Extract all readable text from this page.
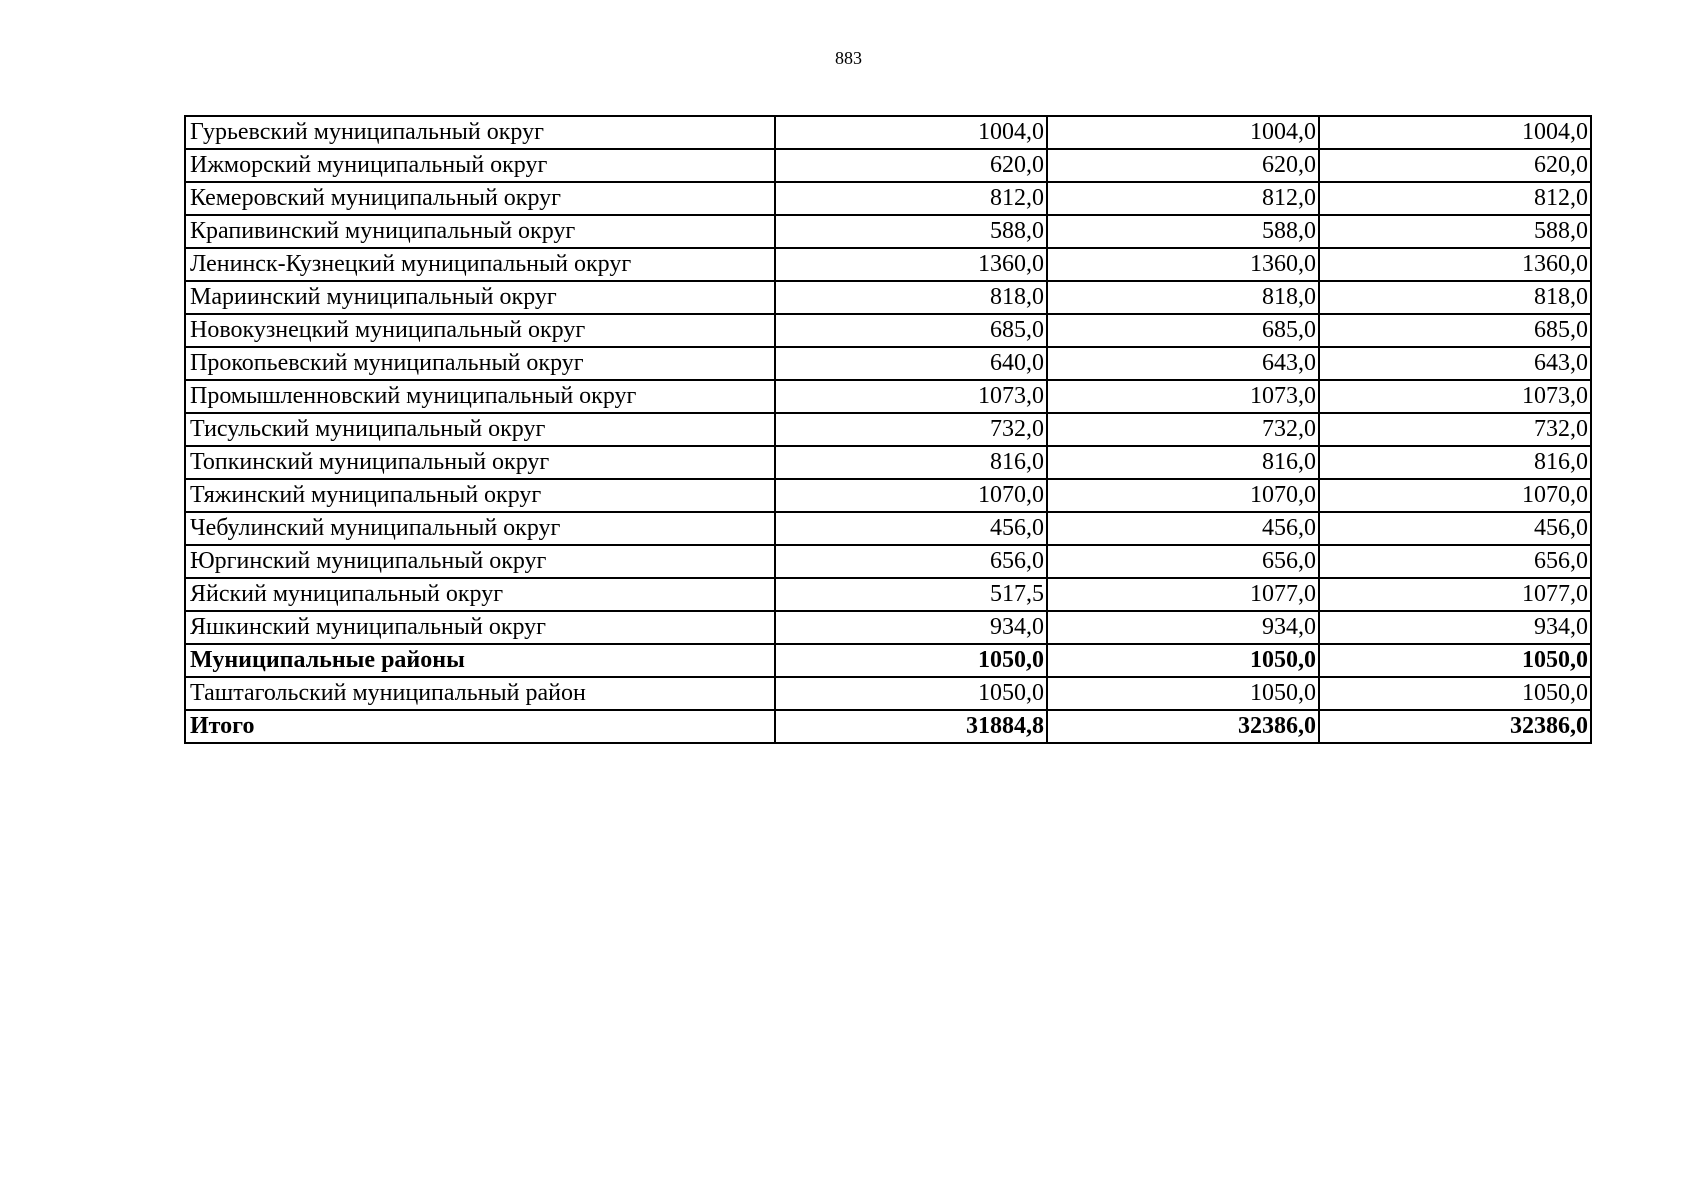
883
Гурьевский муниципальный округ	1004,0	1004,0	1004,0
Ижморский муниципальный округ	620,0	620,0	620,0
Кемеровский муниципальный округ	812,0	812,0	812,0
Крапивинский муниципальный округ	588,0	588,0	588,0
Ленинск-Кузнецкий муниципальный округ	1360,0	1360,0	1360,0
Мариинский муниципальный округ	818,0	818,0	818,0
Новокузнецкий муниципальный округ	685,0	685,0	685,0
Прокопьевский муниципальный округ	640,0	643,0	643,0
Промышленновский муниципальный округ	1073,0	1073,0	1073,0
Тисульский муниципальный округ	732,0	732,0	732,0
Топкинский муниципальный округ	816,0	816,0	816,0
Тяжинский муниципальный округ	1070,0	1070,0	1070,0
Чебулинский муниципальный округ	456,0	456,0	456,0
Юргинский муниципальный округ	656,0	656,0	656,0
Яйский муниципальный округ	517,5	1077,0	1077,0
Яшкинский муниципальный округ	934,0	934,0	934,0
Муниципальные районы	1050,0	1050,0	1050,0
Таштагольский муниципальный район	1050,0	1050,0	1050,0
Итого	31884,8	32386,0	32386,0
